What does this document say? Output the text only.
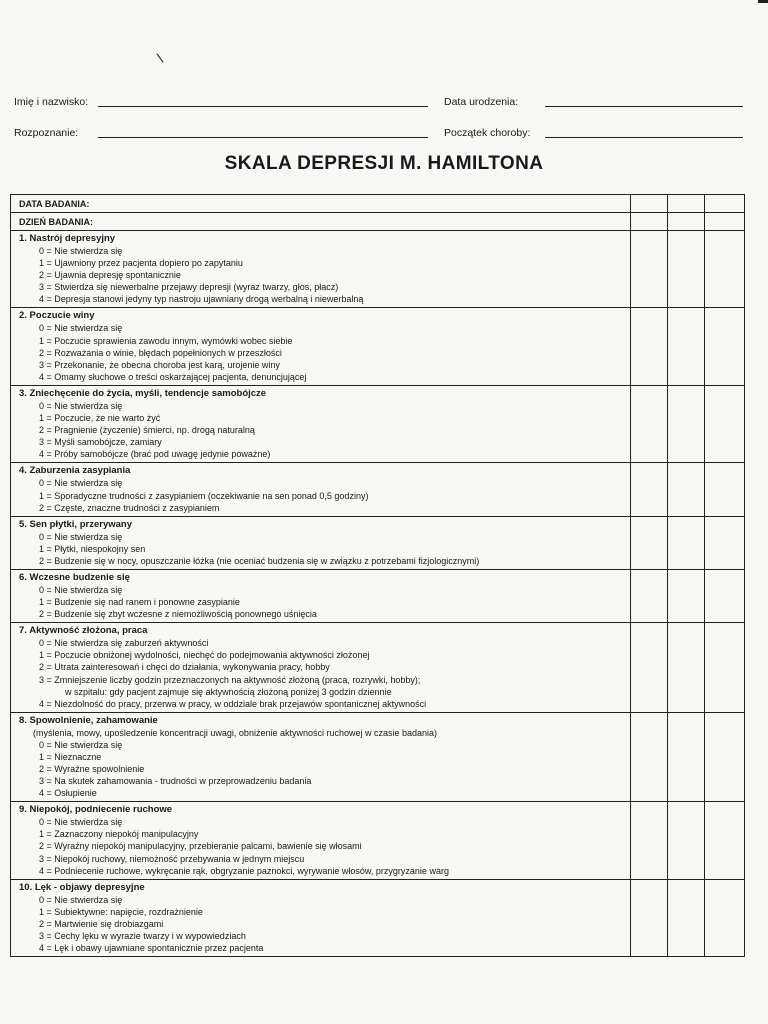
\
Imię i nazwisko:	Data urodzenia:
Rozpoznanie:	Początek choroby:
SKALA DEPRESJI M. HAMILTONA
DATA BADANIA:
DZIEŃ BADANIA:
1. Nastrój depresyjny
0 = Nie stwierdza się
1 = Ujawniony przez pacjenta dopiero po zapytaniu
2 = Ujawnia depresję spontanicznie
3 = Stwierdza się niewerbalne przejawy depresji (wyraz twarzy, głos, płacz)
4 = Depresja stanowi jedyny typ nastroju ujawniany drogą werbalną i niewerbalną
2. Poczucie winy
0 = Nie stwierdza się
1 = Poczucie sprawienia zawodu innym, wymówki wobec siebie
2 = Rozważania o winie, błędach popełnionych w przeszłości
3 = Przekonanie, że obecna choroba jest karą, urojenie winy
4 = Omamy słuchowe o treści oskarżającej pacjenta, denuncjującej
3. Zniechęcenie do życia, myśli, tendencje samobójcze
0 = Nie stwierdza się
1 = Poczucie, że nie warto żyć
2 = Pragnienie (życzenie) śmierci, np. drogą naturalną
3 = Myśli samobójcze, zamiary
4 = Próby samobójcze (brać pod uwagę jedynie poważne)
4. Zaburzenia zasypiania
0 = Nie stwierdza się
1 = Sporadyczne trudności z zasypianiem (oczekiwanie na sen ponad 0,5 godziny)
2 = Częste, znaczne trudności z zasypianiem
5. Sen płytki, przerywany
0 = Nie stwierdza się
1 = Płytki, niespokojny sen
2 = Budzenie się w nocy, opuszczanie łóżka (nie oceniać budzenia się w związku z potrzebami fizjologicznymi)
6. Wczesne budzenie się
0 = Nie stwierdza się
1 = Budzenie się nad ranem i ponowne zasypianie
2 = Budzenie się zbyt wczesne z niemożliwością ponownego uśnięcia
7. Aktywność złożona, praca
0 = Nie stwierdza się zaburzeń aktywności
1 = Poczucie obniżonej wydolności, niechęć do podejmowania aktywności złożonej
2 = Utrata zainteresowań i chęci do działania, wykonywania pracy, hobby
3 = Zmniejszenie liczby godzin przeznaczonych na aktywność złożoną (praca, rozrywki, hobby);
w szpitalu: gdy pacjent zajmuje się aktywnością złożoną poniżej 3 godzin dziennie
4 = Niezdolność do pracy, przerwa w pracy, w oddziale brak przejawów spontanicznej aktywności
8. Spowolnienie, zahamowanie
(myślenia, mowy, upośledzenie koncentracji uwagi, obniżenie aktywności ruchowej w czasie badania)
0 = Nie stwierdza się
1 = Nieznaczne
2 = Wyraźne spowolnienie
3 = Na skutek zahamowania - trudności w przeprowadzeniu badania
4 = Osłupienie
9. Niepokój, podniecenie ruchowe
0 = Nie stwierdza się
1 = Zaznaczony niepokój manipulacyjny
2 = Wyraźny niepokój manipulacyjny, przebieranie palcami, bawienie się włosami
3 = Niepokój ruchowy, niemożność przebywania w jednym miejscu
4 = Podniecenie ruchowe, wykręcanie rąk, obgryzanie paznokci, wyrywanie włosów, przygryzanie warg
10. Lęk - objawy depresyjne
0 = Nie stwierdza się
1 = Subiektywne: napięcie, rozdrażnienie
2 = Martwienie się drobiazgami
3 = Cechy lęku w wyrazie twarzy i w wypowiedziach
4 = Lęk i obawy ujawniane spontanicznie przez pacjenta
